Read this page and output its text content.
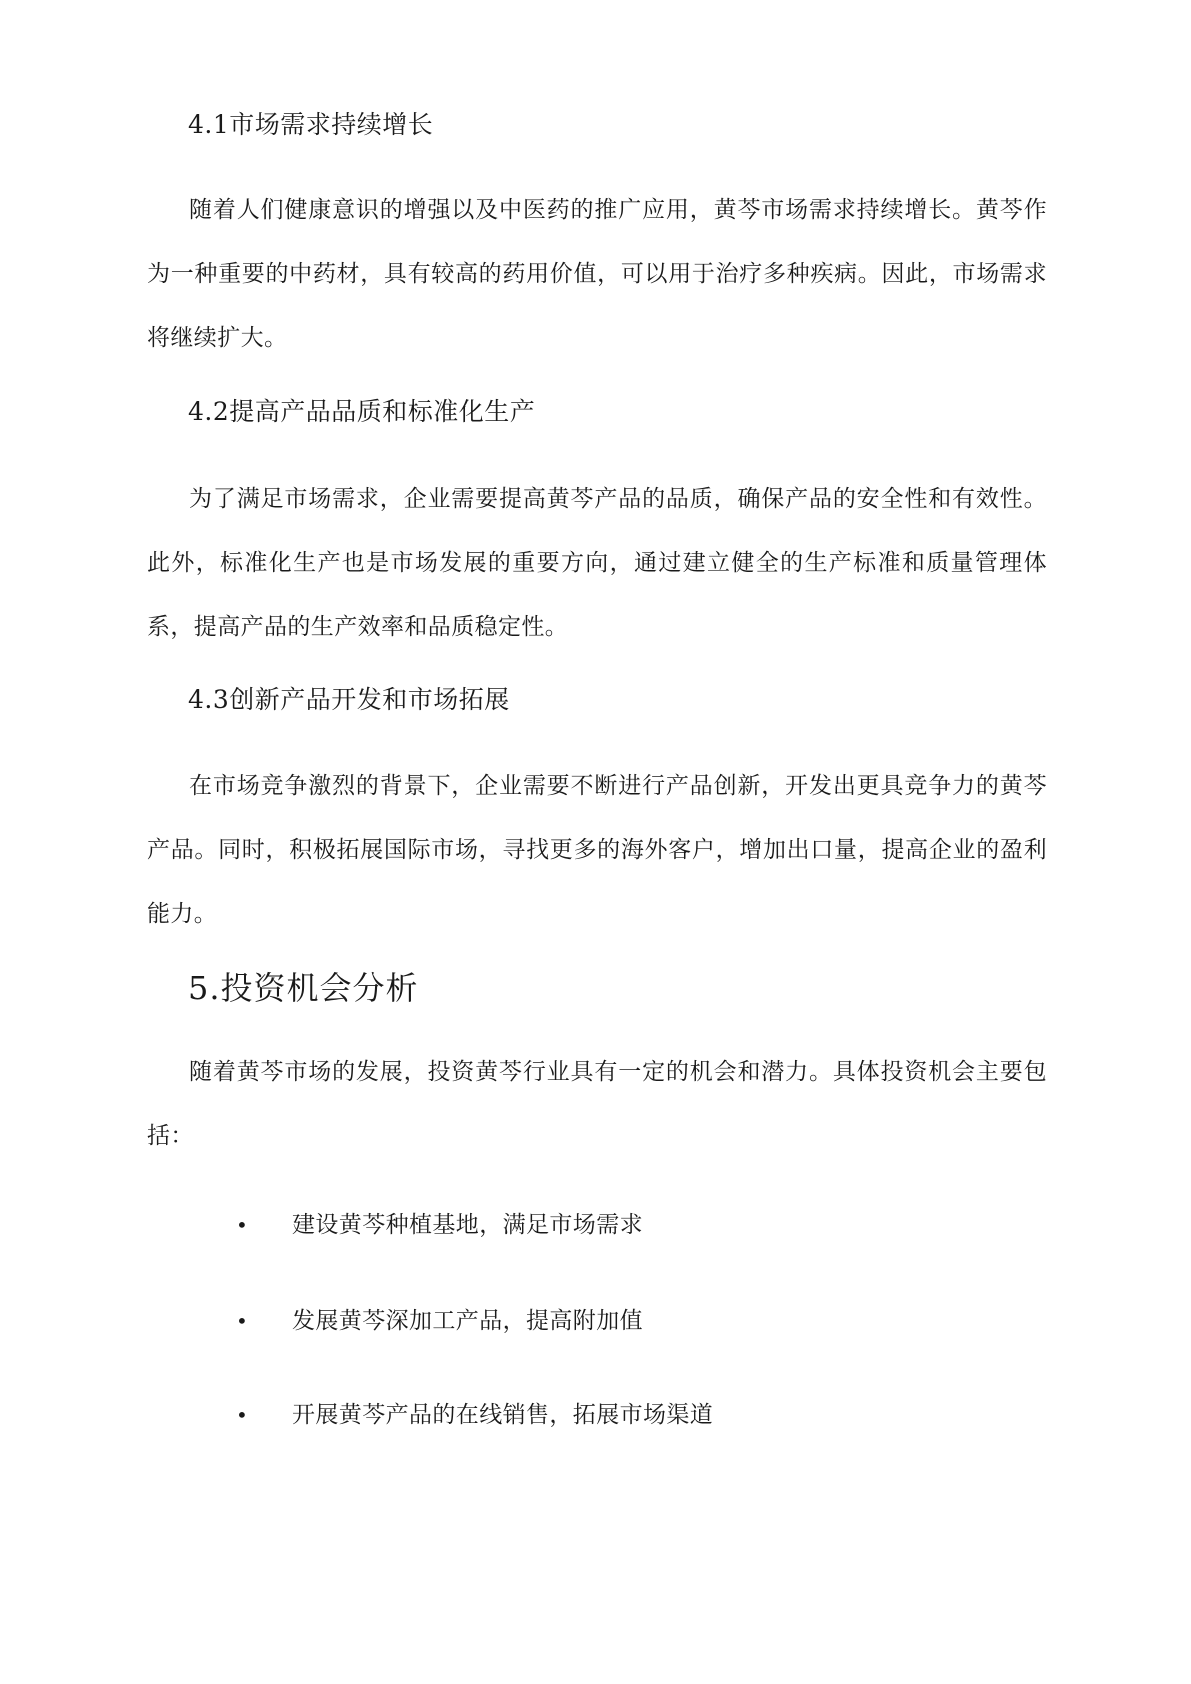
4.1市场需求持续增长

随着人们健康意识的增强以及中医药的推广应用，黄芩市场需求持续增长。黄芩作为一种重要的中药材，具有较高的药用价值，可以用于治疗多种疾病。因此，市场需求将继续扩大。

4.2提高产品品质和标准化生产

为了满足市场需求，企业需要提高黄芩产品的品质，确保产品的安全性和有效性。此外，标准化生产也是市场发展的重要方向，通过建立健全的生产标准和质量管理体系，提高产品的生产效率和品质稳定性。

4.3创新产品开发和市场拓展

在市场竞争激烈的背景下，企业需要不断进行产品创新，开发出更具竞争力的黄芩产品。同时，积极拓展国际市场，寻找更多的海外客户，增加出口量，提高企业的盈利能力。

5.投资机会分析

随着黄芩市场的发展，投资黄芩行业具有一定的机会和潜力。具体投资机会主要包括：

• 建设黄芩种植基地，满足市场需求
• 发展黄芩深加工产品，提高附加值
• 开展黄芩产品的在线销售，拓展市场渠道
